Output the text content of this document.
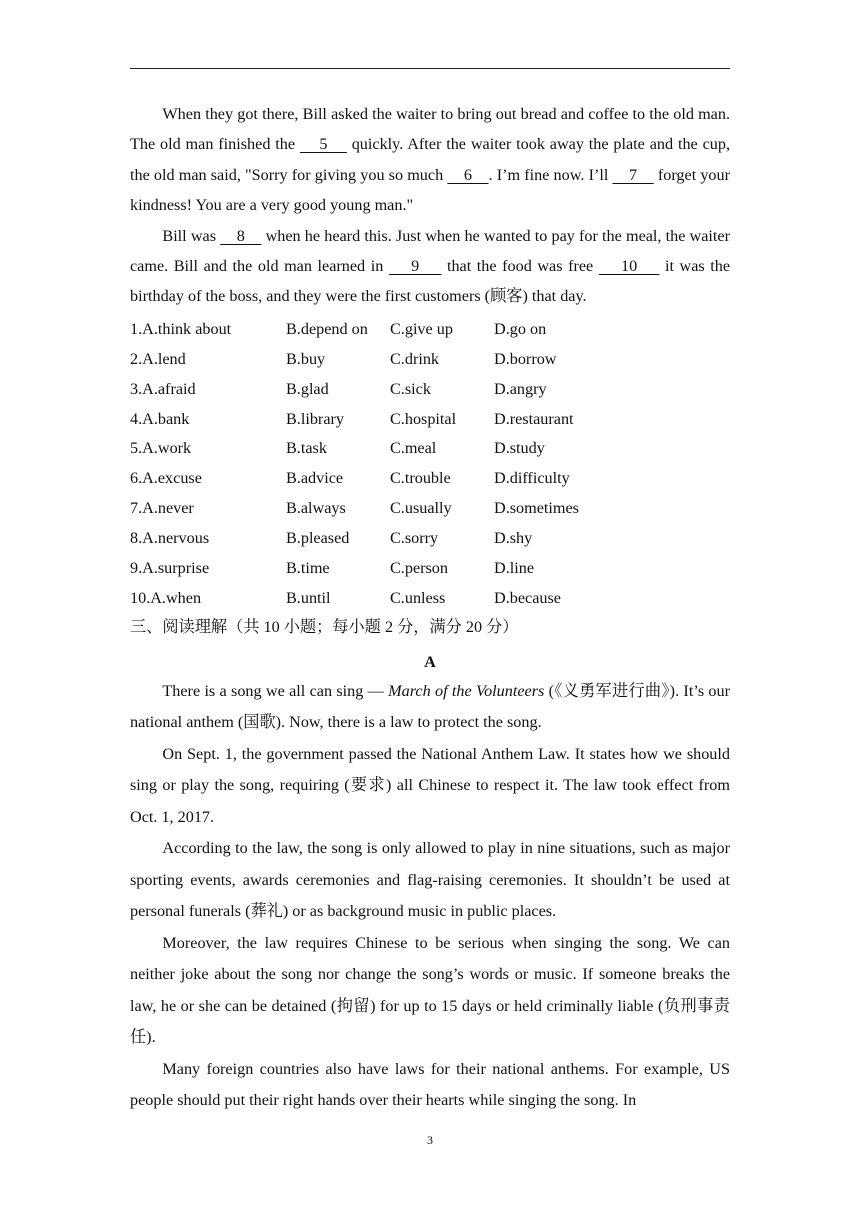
When they got there, Bill asked the waiter to bring out bread and coffee to the old man. The old man finished the     5     quickly. After the waiter took away the plate and the cup, the old man said, "Sorry for giving you so much     6    . I’m fine now. I’ll     7     forget your kindness! You are a very good young man."

Bill was     8     when he heard this. Just when he wanted to pay for the meal, the waiter came. Bill and the old man learned in     9     that the food was free     10     it was the birthday of the boss, and they were the first customers (顾客) that day.

1.A.think about	B.depend on	C.give up	D.go on
2.A.lend	B.buy	C.drink	D.borrow
3.A.afraid	B.glad	C.sick	D.angry
4.A.bank	B.library	C.hospital	D.restaurant
5.A.work	B.task	C.meal	D.study
6.A.excuse	B.advice	C.trouble	D.difficulty
7.A.never	B.always	C.usually	D.sometimes
8.A.nervous	B.pleased	C.sorry	D.shy
9.A.surprise	B.time	C.person	D.line
10.A.when	B.until	C.unless	D.because
三、阅读理解（共 10 小题；每小题 2 分，满分 20 分）
A

There is a song we all can sing — March of the Volunteers (《义勇军进行曲》). It’s our national anthem (国歌). Now, there is a law to protect the song.

On Sept. 1, the government passed the National Anthem Law. It states how we should sing or play the song, requiring (要求) all Chinese to respect it. The law took effect from Oct. 1, 2017.

According to the law, the song is only allowed to play in nine situations, such as major sporting events, awards ceremonies and flag-raising ceremonies. It shouldn’t be used at personal funerals (葬礼) or as background music in public places.

Moreover, the law requires Chinese to be serious when singing the song. We can neither joke about the song nor change the song’s words or music. If someone breaks the law, he or she can be detained (拘留) for up to 15 days or held criminally liable (负刑事责任).

Many foreign countries also have laws for their national anthems. For example, US people should put their right hands over their hearts while singing the song. In

3
